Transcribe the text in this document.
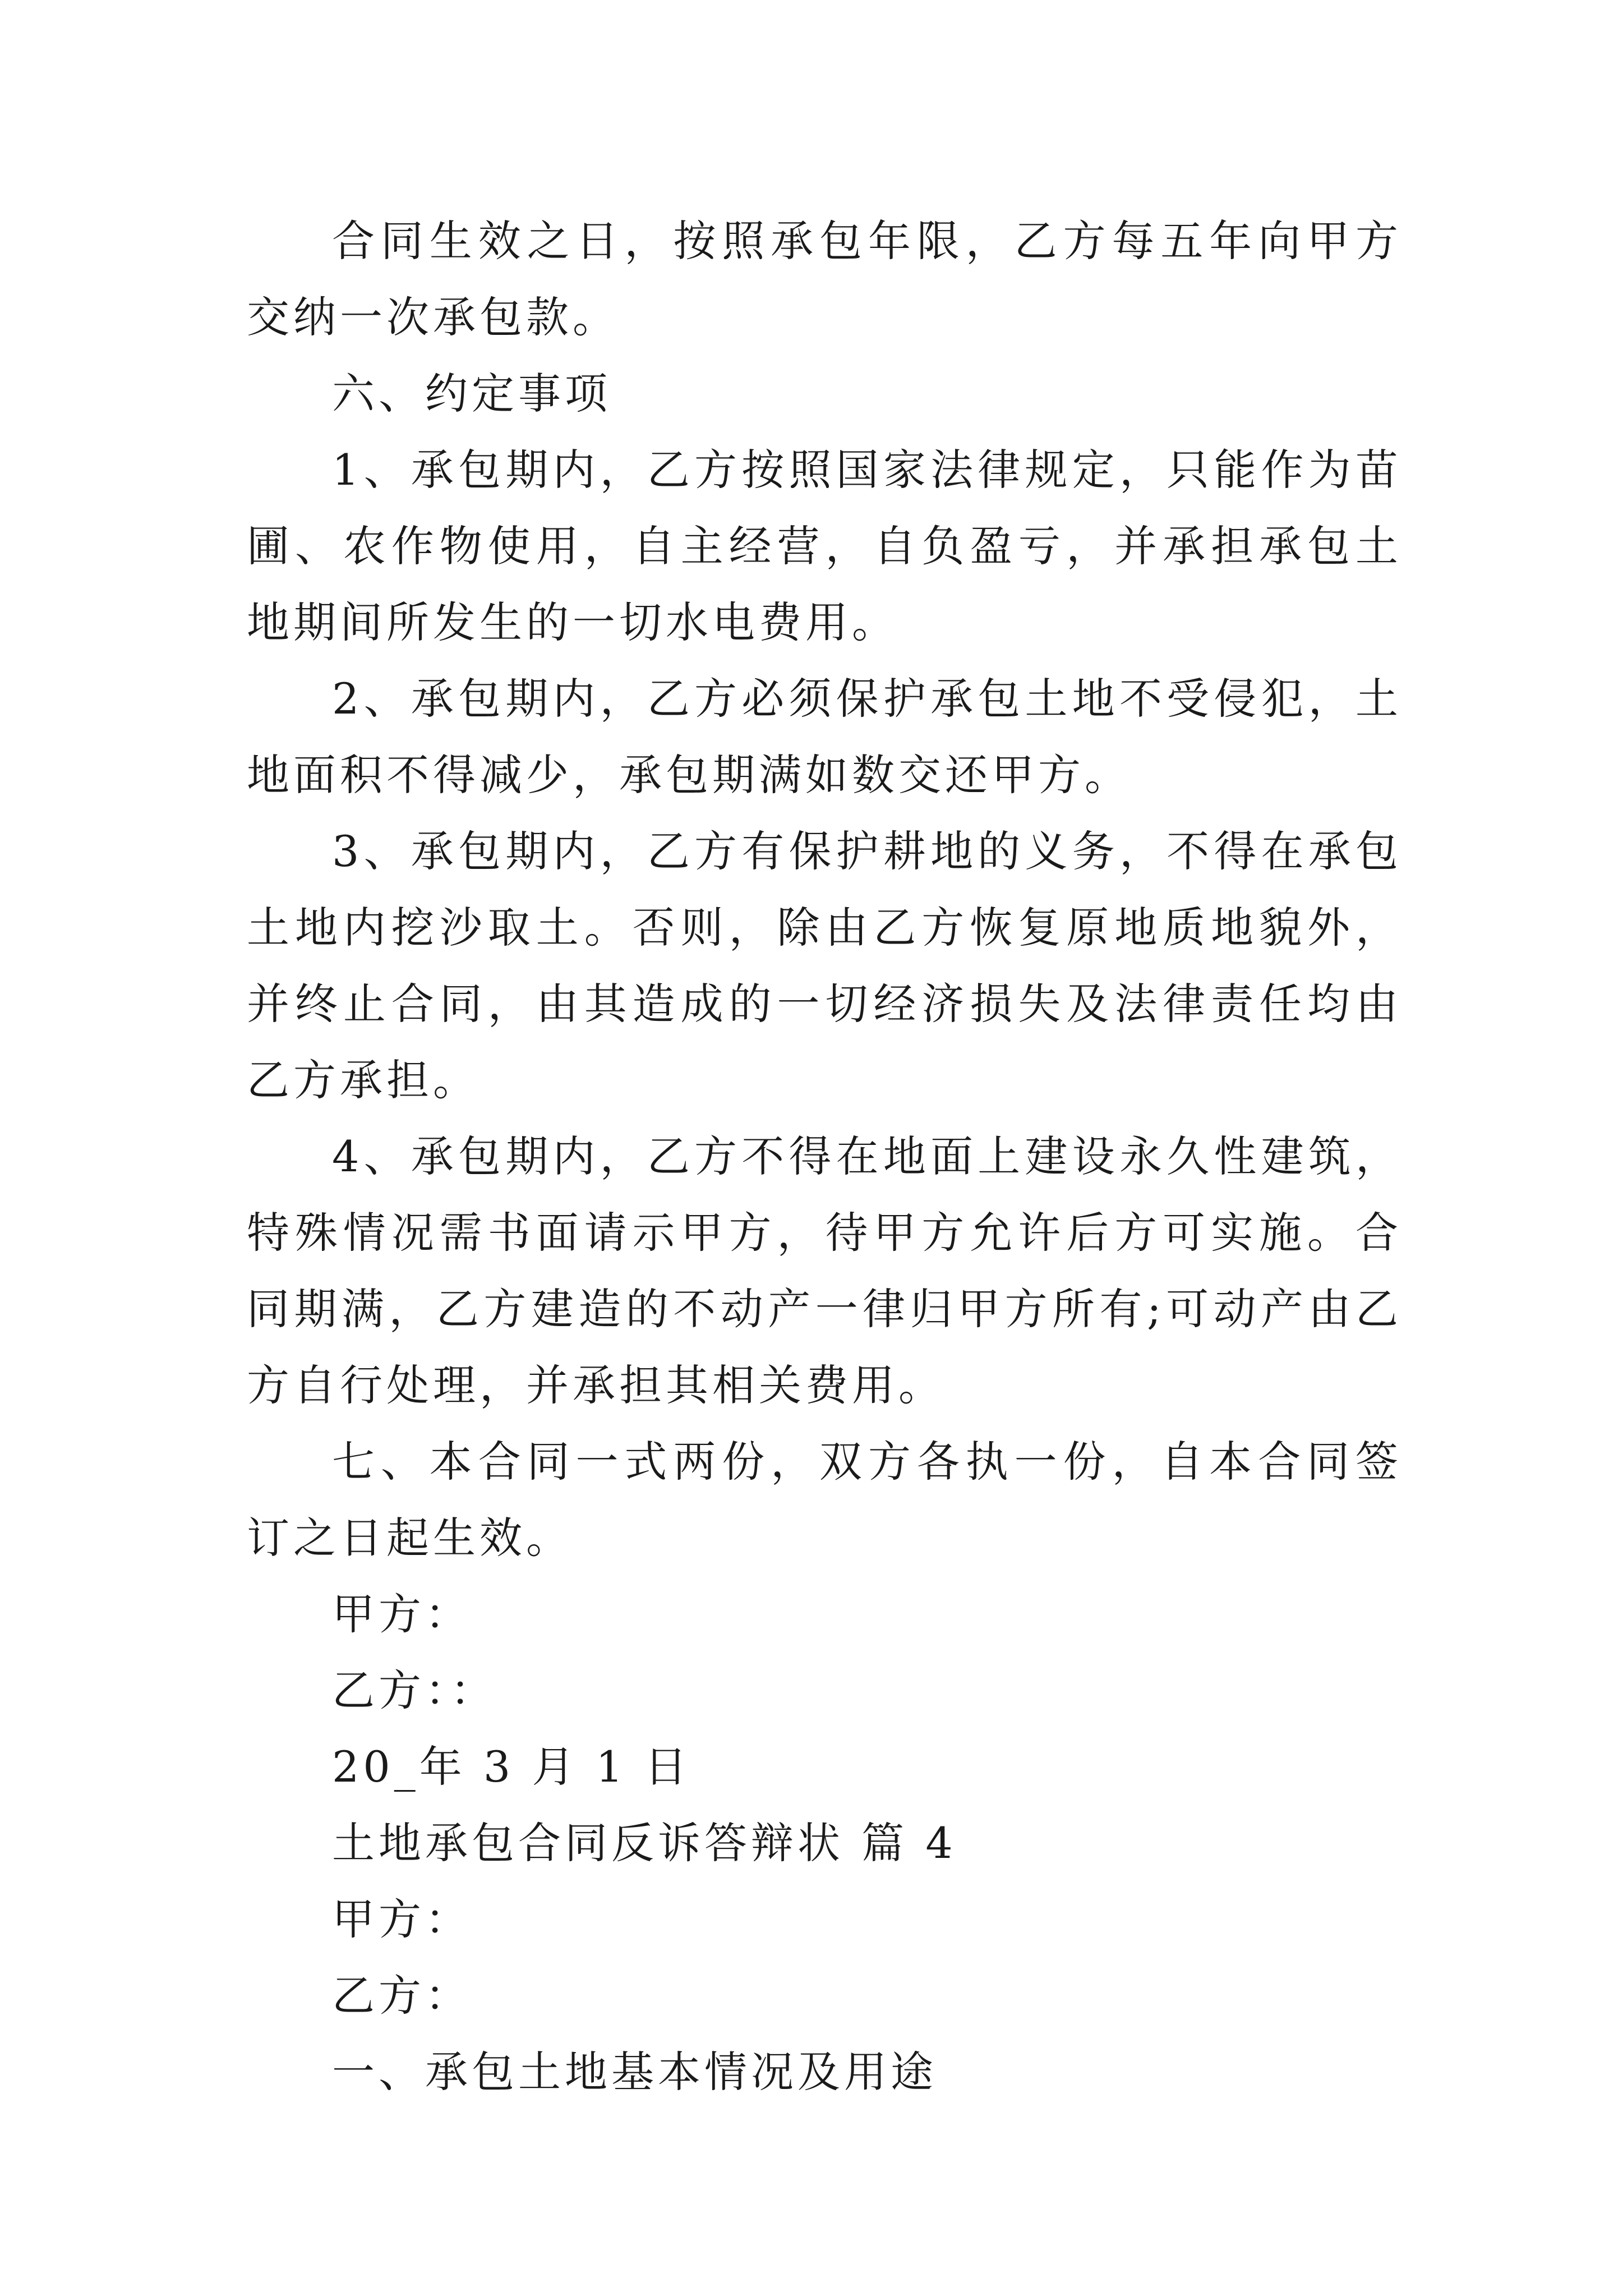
合同生效之日，按照承包年限，乙方每五年向甲方交纳一次承包款。

六、约定事项

1、承包期内，乙方按照国家法律规定，只能作为苗圃、农作物使用，自主经营，自负盈亏，并承担承包土地期间所发生的一切水电费用。

2、承包期内，乙方必须保护承包土地不受侵犯，土地面积不得减少，承包期满如数交还甲方。

3、承包期内，乙方有保护耕地的义务，不得在承包土地内挖沙取土。否则，除由乙方恢复原地质地貌外，并终止合同，由其造成的一切经济损失及法律责任均由乙方承担。

4、承包期内，乙方不得在地面上建设永久性建筑，特殊情况需书面请示甲方，待甲方允许后方可实施。合同期满，乙方建造的不动产一律归甲方所有;可动产由乙方自行处理，并承担其相关费用。

七、本合同一式两份，双方各执一份，自本合同签订之日起生效。

甲方：

乙方：：

20_年 3 月 1 日

土地承包合同反诉答辩状 篇 4

甲方：

乙方：

一、承包土地基本情况及用途
